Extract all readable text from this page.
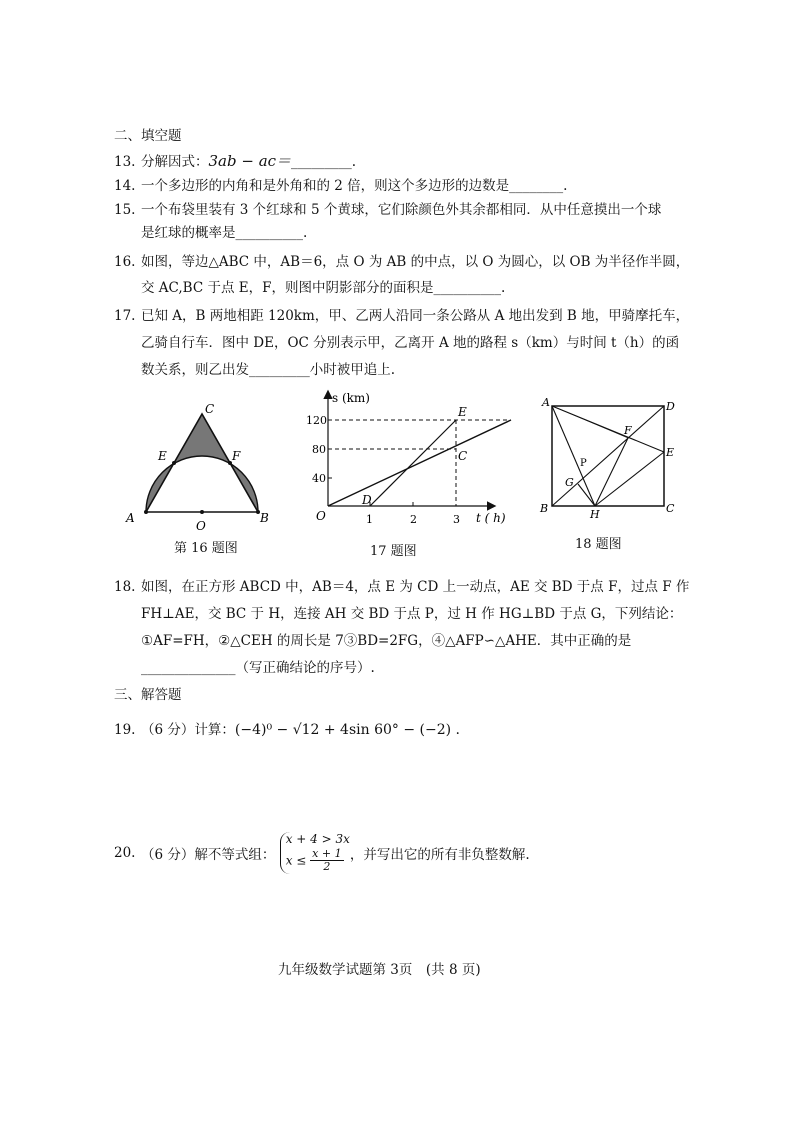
二、填空题
13. 分解因式：3ab − ac＝_________.
14. 一个多边形的内角和是外角和的 2 倍，则这个多边形的边数是________.
15. 一个布袋里装有 3 个红球和 5 个黄球，它们除颜色外其余都相同．从中任意摸出一个球
是红球的概率是__________.
16. 如图，等边△ABC 中，AB＝6，点 O 为 AB 的中点，以 O 为圆心，以 OB 为半径作半圆，
交 AC,BC 于点 E，F，则图中阴影部分的面积是__________.
17. 已知 A，B 两地相距 120km，甲、乙两人沿同一条公路从 A 地出发到 B 地，甲骑摩托车，
乙骑自行车．图中 DE，OC 分别表示甲，乙离开 A 地的路程 s（km）与时间 t（h）的函
数关系，则乙出发_________小时被甲追上.
C
E	F
A	B
O
第 16 题图
s (km)
t ( h)
120
80
40
1	2	3
O
D
E
C
17 题图
A	D
B	C
E
F
G
H
P
18 题图
18. 如图，在正方形 ABCD 中，AB＝4，点 E 为 CD 上一动点，AE 交 BD 于点 F，过点 F 作
FH⊥AE，交 BC 于 H，连接 AH 交 BD 于点 P，过 H 作 HG⊥BD 于点 G，下列结论：
①AF=FH，②△CEH 的周长是 7③BD=2FG，④△AFP∽△AHE．其中正确的是
______________（写正确结论的序号）.
三、解答题
19. （6 分）计算：(−4)⁰ − √12 + 4sin 60° − (−2) .
20. （6 分）解不等式组：
x + 4 > 3x
$x \le \frac{x + 1}{2}$ ，并写出它的所有非负整数解.
九年级数学试题第 3页　(共 8 页)
